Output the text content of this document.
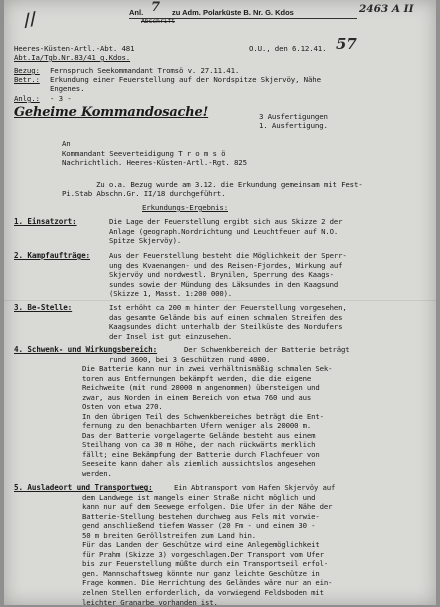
//	Anl. 7 zu Adm. Polarküste B. Nr. G. Kdos
Abschrift
2463 A II
Heeres-Küsten-Artl.-Abt. 481
Abt.Ia/Tgb.Nr.83/41 g.Kdos.
O.U., den 6.12.41. 57
Bezug: Fernspruch Seekommandant Tromsö v. 27.11.41.
Betr.: Erkundung einer Feuerstellung auf der Nordspitze Skjervöy, Nähe
Engenes.
Anlg.: - 3 -
Geheime Kommandosache!	3 Ausfertigungen
1. Ausfertigung.
An
Kommandant Seeverteidigung T r o m s ö
Nachrichtlich. Heeres-Küsten-Artl.-Rgt. 825
Zu o.a. Bezug wurde am 3.12. die Erkundung gemeinsam mit Fest-
Pi.Stab Abschn.Gr. II/18 durchgeführt.
Erkundungs-Ergebnis:
1. Einsatzort:	Die Lage der Feuerstellung ergibt sich aus Skizze 2 der
Anlage (geograph.Nordrichtung und Leuchtfeuer auf N.O.
Spitze Skjervöy).
2. Kampfaufträge:	Aus der Feuerstellung besteht die Möglichkeit der Sperr-
ung des Kvaenangen- und des Reisen-Fjordes, Wirkung auf
Skjervöy und nordwestl. Brynilen, Sperrung des Kaags-
sundes sowie der Mündung des Läksundes in den Kaagsund
(Skizze 1, Masst. 1:200 000).
3. Be-Stelle:	Ist erhöht ca 200 m hinter der Feuerstellung vorgesehen,
das gesamte Gelände bis auf einen schmalen Streifen des
Kaagsundes dicht unterhalb der Steilküste des Nordufers
der Insel ist gut einzusehen.
4. Schwenk- und Wirkungsbereich:	Der Schwenkbereich der Batterie beträgt
rund 3600, bei 3 Geschützen rund 4000.
Die Batterie kann nur in zwei verhältnismäßig schmalen Sek-
toren aus Entfernungen bekämpft werden, die die eigene
Reichweite (mit rund 20000 m angenommen) übersteigen und
zwar, aus Norden in einem Bereich von etwa 760 und aus
Osten von etwa 270.
In den übrigen Teil des Schwenkbereiches beträgt die Ent-
fernung zu den benachbarten Ufern weniger als 20000 m.
Das der Batterie vorgelagerte Gelände besteht aus einem
Steilhang von ca 30 m Höhe, der nach rückwärts merklich
fällt; eine Bekämpfung der Batterie durch Flachfeuer von
Seeseite kann daher als ziemlich aussichtslos angesehen
werden.
5. Ausladeort und Transportweg:	Ein Abtransport vom Hafen Skjervöy auf
dem Landwege ist mangels einer Straße nicht möglich und
kann nur auf dem Seewege erfolgen. Die Ufer in der Nähe der
Batterie-Stellung bestehen durchweg aus Fels mit vorwie-
gend anschließend tiefem Wasser (20 Fm - und einem 30 -
50 m breiten Geröllstreifen zum Land hin.
Für das Landen der Geschütze wird eine Anlegemöglichkeit
für Prahm (Skizze 3) vorgeschlagen.Der Transport vom Ufer
bis zur Feuerstellung müßte durch ein Transportseil erfol-
gen. Mannschaftsweg könnte nur ganz leichte Geschütze in
Frage kommen. Die Herrichtung des Geländes wäre nur an ein-
zelnen Stellen erforderlich, da vorwiegend Feldsboden mit
leichter Granarbe vorhanden ist.
